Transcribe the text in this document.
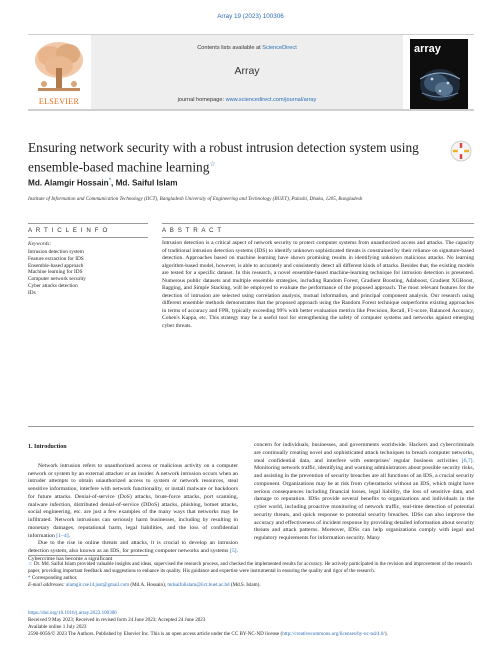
Array 19 (2023) 100306
ELSEVIER
Contents lists available at ScienceDirect
Array
journal homepage: www.sciencedirect.com/journal/array
array
Ensuring network security with a robust intrusion detection system using ensemble-based machine learning☆
Md. Alamgir Hossain*, Md. Saiful Islam
Institute of Information and Communication Technology (IICT), Bangladesh University of Engineering and Technology (BUET), Palashi, Dhaka, 1205, Bangladesh
A R T I C L E I N F O	A B S T R A C T
Keywords:
Intrusion detection system
Feature extraction for IDS
Ensemble-based approach
Machine learning for IDS
Computer network security
Cyber attacks detection
IDs
Intrusion detection is a critical aspect of network security to protect computer systems from unauthorized access and attacks. The capacity of traditional intrusion detection systems (IDS) to identify unknown sophisticated threats is constrained by their reliance on signature-based detection. Approaches based on machine learning have shown promising results in identifying unknown malicious attacks. No learning algorithm-based model, however, is able to accurately and consistently detect all different kinds of attacks. Besides that, the existing models are tested for a specific dataset. In this research, a novel ensemble-based machine-learning technique for intrusion detection is presented. Numerous public datasets and multiple ensemble strategies, including Random Forest, Gradient Boosting, Adaboost, Gradient XGBoost, Bagging, and Simple Stacking, will be employed to evaluate the performance of the proposed approach. The most relevant features for the detection of intrusion are selected using correlation analysis, mutual information, and principal component analysis. Our research using different ensemble methods demonstrates that the proposed approach using the Random Forest technique outperforms existing approaches in terms of accuracy and FPR, typically exceeding 99% with better evaluation metrics like Precision, Recall, F1-score, Balanced Accuracy, Cohen's Kappa, etc. This strategy may be a useful tool for strengthening the safety of computer systems and networks against emerging cyber threats.
1. Introduction

Network intrusion refers to unauthorized access or malicious activity on a computer network or system by an external attacker or an insider. A network intrusion occurs when an intruder attempts to obtain unauthorized access to system or network resources, steal sensitive information, interfere with network functionality, or install malware or backdoors for future attacks. Denial-of-service (DoS) attacks, brute-force attacks, port scanning, malware infection, distributed denial-of-service (DDoS) attacks, phishing, botnet attacks, social engineering, etc. are just a few examples of the many ways that networks may be infiltrated. Network intrusions can seriously harm businesses, including by resulting in monetary damages, reputational harm, legal liabilities, and the loss of confidential information [1–4].

Due to the rise in online threats and attacks, it is crucial to develop an intrusion detection system, also known as an IDS, for protecting computer networks and systems [5]. Cybercrime has become a significant

concern for individuals, businesses, and governments worldwide. Hackers and cybercriminals are continually creating novel and sophisticated attack techniques to breach computer networks, steal confidential data, and interfere with enterprises' regular business activities [6,7]. Monitoring network traffic, identifying and warning administrators about possible security risks, and assisting in the prevention of security breaches are all functions of an IDS, a crucial security component. Organizations may be at risk from cyberattacks without an IDS, which might have serious consequences including financial losses, legal liability, the loss of sensitive data, and damage to reputation. IDSs provide several benefits to organizations and individuals in the cyber world, including proactive monitoring of network traffic, real-time detection of potential security threats, and quick response to potential security breaches. IDSs can also improve the accuracy and effectiveness of incident response by providing detailed information about security threats and attack patterns. Moreover, IDSs can help organizations comply with legal and regulatory requirements for information security. Many

☆ Dr. Md. Saiful Islam provided valuable insights and ideas, supervised the research process, and checked the implemented results for accuracy. He actively participated in the revision and improvement of the research paper, providing important feedback and suggestions to enhance its quality. His guidance and expertise were instrumental in ensuring the quality and rigor of the research.
* Corresponding author.
E-mail addresses: alamgir.cse14.just@gmail.com (Md.A. Hossain), mdsaifulislam@iict.buet.ac.bd (Md.S. Islam).
https://doi.org/10.1016/j.array.2023.100306
Received 9 May 2023; Received in revised form 24 June 2023; Accepted 24 June 2023
Available online 1 July 2023
2590-0056/© 2023 The Authors. Published by Elsevier Inc. This is an open access article under the CC BY-NC-ND license (http://creativecommons.org/licenses/by-nc-nd/4.0/).
